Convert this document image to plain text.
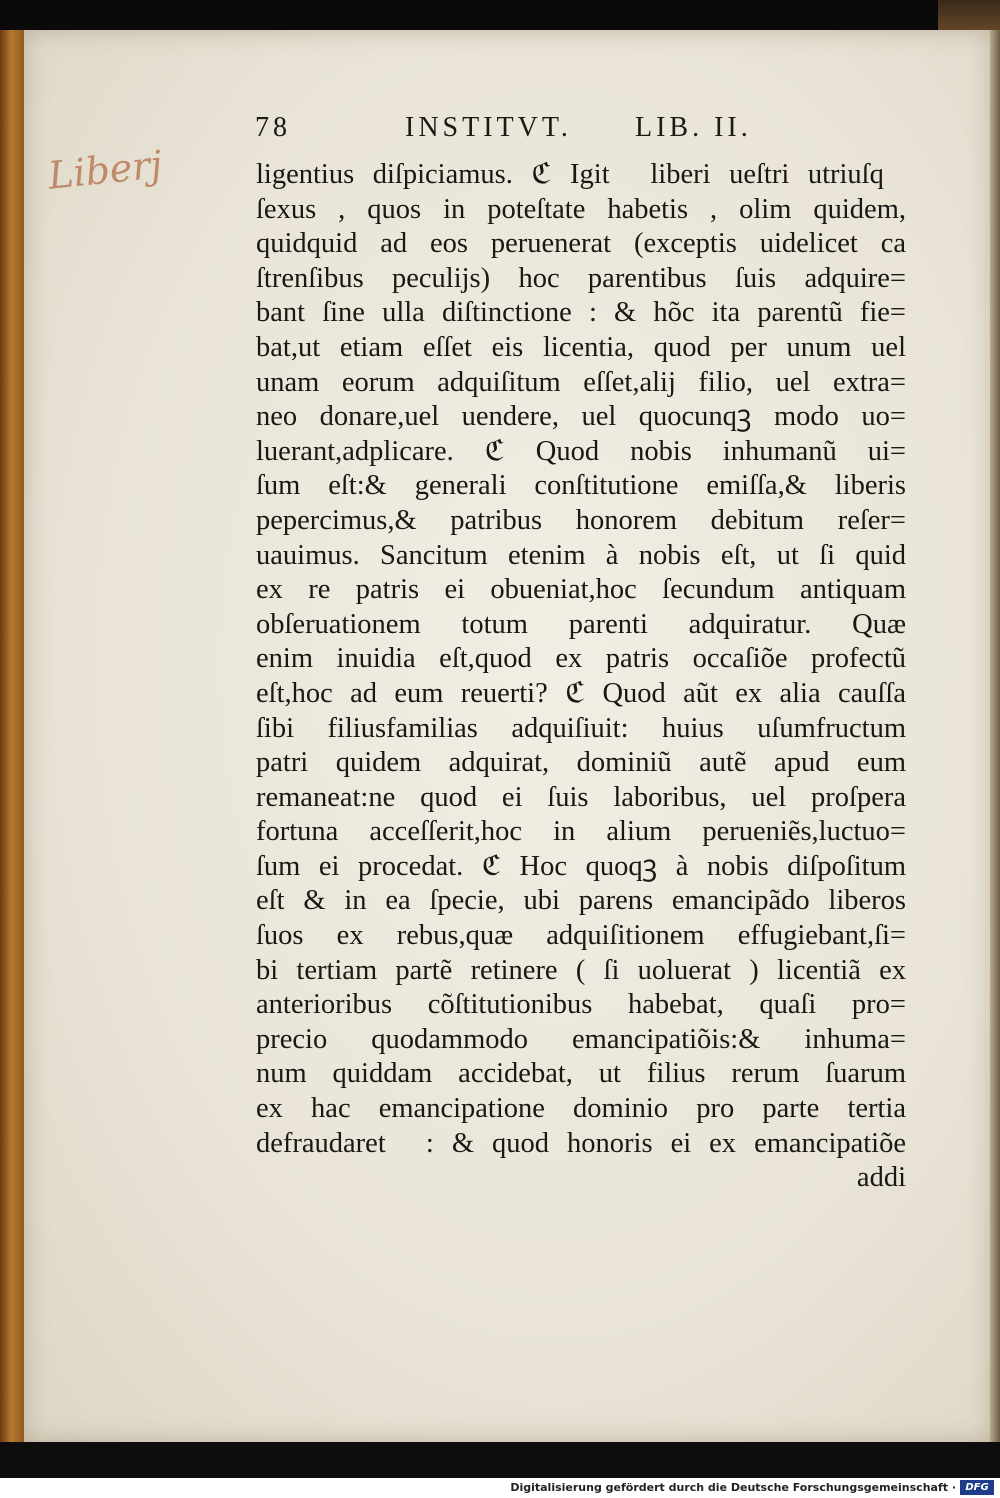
78	INSTITVT. LIB. II.
Liberj	ligentius diſpiciamus. ℭ Igitᷓ liberi ueſtri utriuſqꝫ
ſexus , quos in poteſtate habetis , olim quidem,
quidquid ad eos peruenerat (exceptis uidelicet ca
ſtrenſibus peculijs) hoc parentibus ſuis adquire=
bant ſine ulla diſtinctione : & hõc ita parentũ fie=
bat,ut etiam eſſet eis licentia, quod per unum uel
unam eorum adquiſitum eſſet,alij filio, uel extra=
neo donare,uel uendere, uel quocunqꝫ modo uo=
luerant,adplicare. ℭ Quod nobis inhumanũ ui=
ſum eſt:& generali conſtitutione emiſſa,& liberis
pepercimus,& patribus honorem debitum reſer=
uauimus. Sancitum etenim à nobis eſt, ut ſi quid
ex re patris ei obueniat,hoc ſecundum antiquam
obſeruationem totum parenti adquiratur. Quæ
enim inuidia eſt,quod ex patris occaſiõe profectũ
eſt,hoc ad eum reuerti? ℭ Quod aũt ex alia cauſſa
ſibi filiusfamilias adquiſiuit: huius uſumfructum
patri quidem adquirat, dominiũ autẽ apud eum
remaneat:ne quod ei ſuis laboribus, uel proſpera
fortuna acceſſerit,hoc in alium perueniẽs,luctuo=
ſum ei procedat. ℭ Hoc quoqꝫ à nobis diſpoſitum
eſt & in ea ſpecie, ubi parens emancipãdo liberos
ſuos ex rebus,quæ adquiſitionem effugiebant,ſi=
bi tertiam partẽ retinere ( ſi uoluerat ) licentiã ex
anterioribus cõſtitutionibus habebat, quaſi pro=
precio quodammodo emancipatiõis:& inhuma=
num quiddam accidebat, ut filius rerum ſuarum
ex hac emancipatione dominio pro parte tertia
defraudaretᷓ : & quod honoris ei ex emancipatiõe
addi
Digitalisierung gefördert durch die Deutsche Forschungsgemeinschaft · DFG
